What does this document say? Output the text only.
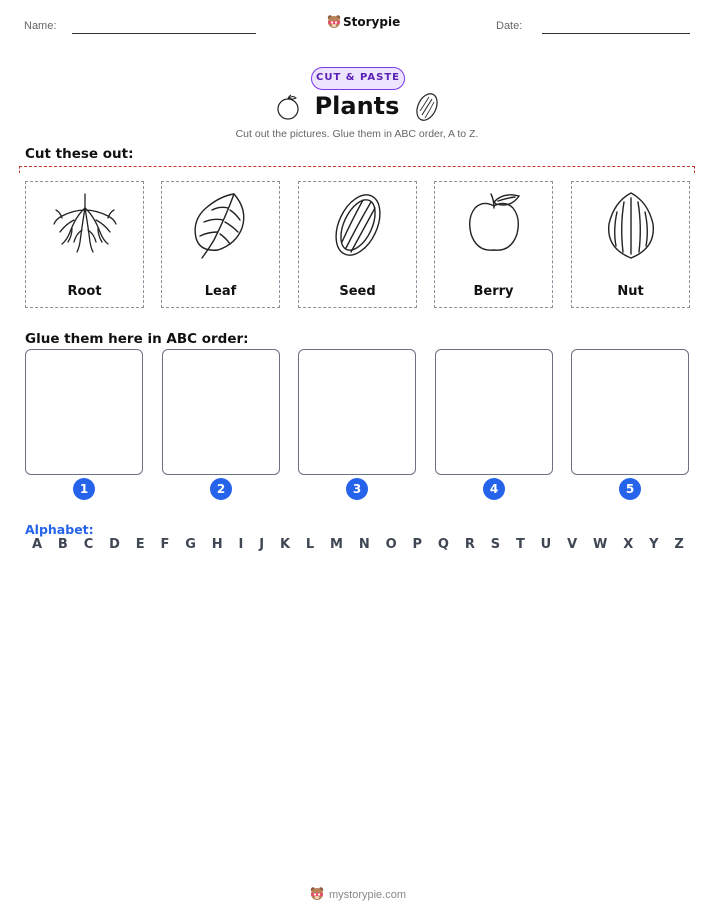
Name:	Storypie	Date:
CUT & PASTE
Plants
Cut out the pictures. Glue them in ABC order, A to Z.
Cut these out:
Root	Leaf	Seed	Berry	Nut
Glue them here in ABC order:
1	2	3	4	5
Alphabet:
A B C D E F G H I J K L M N O P Q R S T U V W X Y Z
mystorypie.com
